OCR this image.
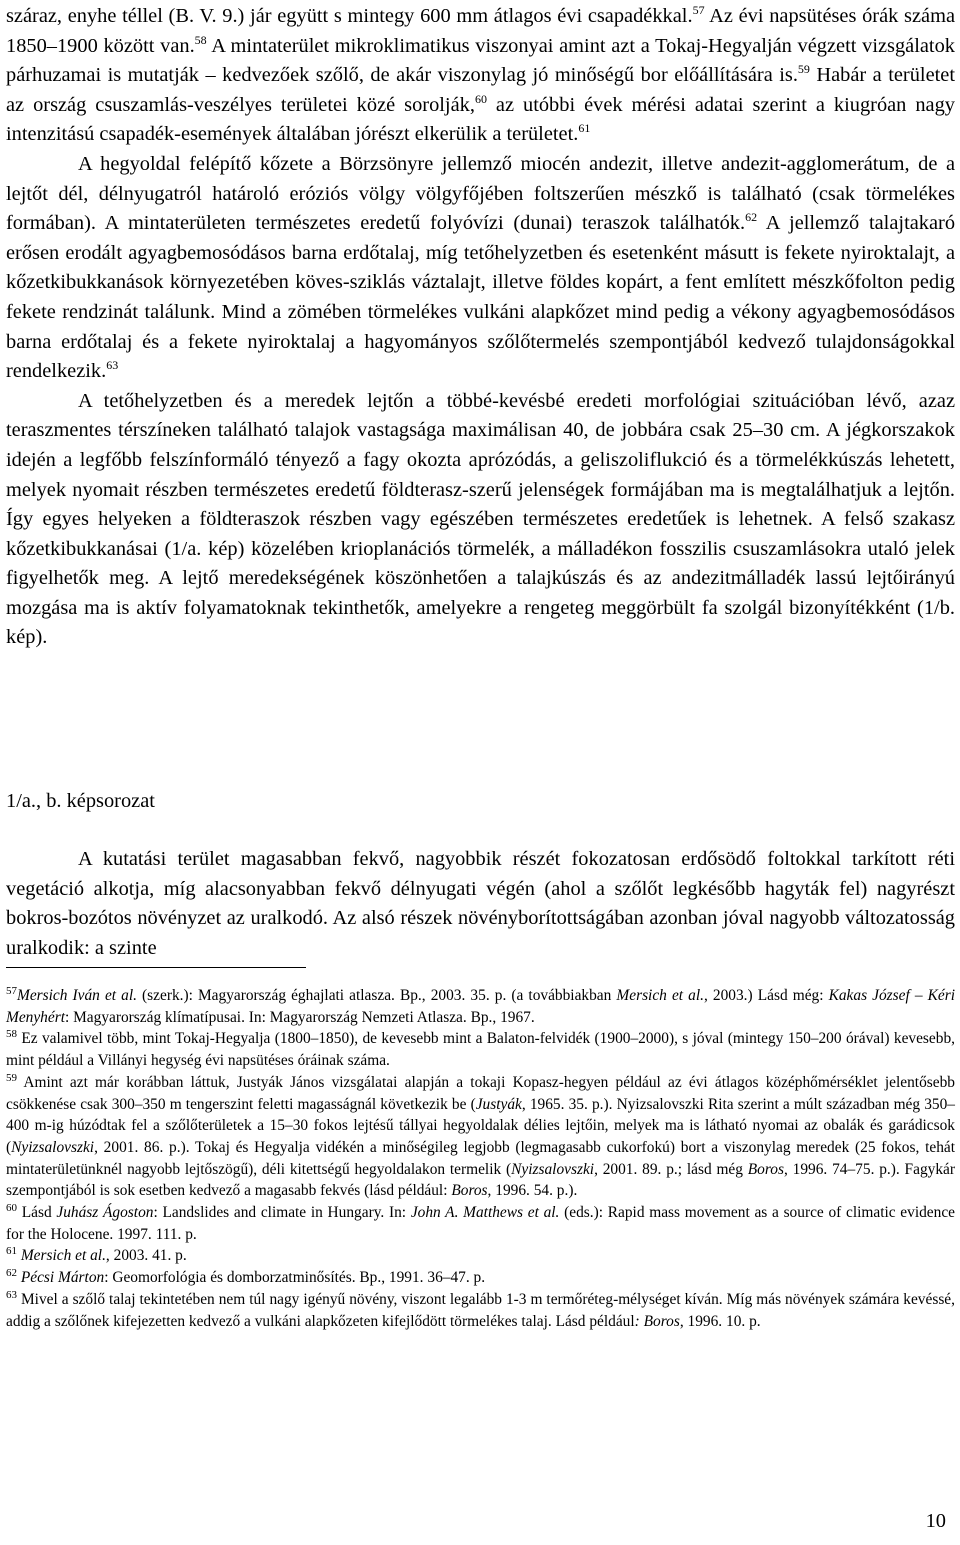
száraz, enyhe téllel (B. V. 9.) jár együtt s mintegy 600 mm átlagos évi csapadékkal.$^{57}$ Az évi napsütéses órák száma 1850–1900 között van.$^{58}$ A mintaterület mikroklimatikus viszonyai amint azt a Tokaj-Hegyalján végzett vizsgálatok párhuzamai is mutatják – kedvezőek szőlő, de akár viszonylag jó minőségű bor előállítására is.$^{59}$ Habár a területet az ország csuszamlás-veszélyes területei közé sorolják,$^{60}$ az utóbbi évek mérési adatai szerint a kiugróan nagy intenzitású csapadék-események általában jórészt elkerülik a területet.$^{61}$

A hegyoldal felépítő kőzete a Börzsönyre jellemző miocén andezit, illetve andezit-agglomerátum, de a lejtőt dél, délnyugatról határoló eróziós völgy völgyfőjében foltszerűen mészkő is található (csak törmelékes formában). A mintaterületen természetes eredetű folyóvízi (dunai) teraszok találhatók.$^{62}$ A jellemző talajtakaró erősen erodált agyagbemosódásos barna erdőtalaj, míg tetőhelyzetben és esetenként másutt is fekete nyiroktalajt, a kőzetkibukkanások környezetében köves-sziklás váztalajt, illetve földes kopárt, a fent említett mészkőfolton pedig fekete rendzinát találunk. Mind a zömében törmelékes vulkáni alapkőzet mind pedig a vékony agyagbemosódásos barna erdőtalaj és a fekete nyiroktalaj a hagyományos szőlőtermelés szempontjából kedvező tulajdonságokkal rendelkezik.$^{63}$

A tetőhelyzetben és a meredek lejtőn a többé-kevésbé eredeti morfológiai szituációban lévő, azaz teraszmentes térszíneken található talajok vastagsága maximálisan 40, de jobbára csak 25–30 cm. A jégkorszakok idején a legfőbb felszínformáló tényező a fagy okozta aprózódás, a geliszoliflukció és a törmelékkúszás lehetett, melyek nyomait részben természetes eredetű földterasz-szerű jelenségek formájában ma is megtalálhatjuk a lejtőn. Így egyes helyeken a földteraszok részben vagy egészében természetes eredetűek is lehetnek. A felső szakasz kőzetkibukkanásai (1/a. kép) közelében krioplanációs törmelék, a málladékon fosszilis csuszamlásokra utaló jelek figyelhetők meg. A lejtő meredekségének köszönhetően a talajkúszás és az andezitmálladék lassú lejtőirányú mozgása ma is aktív folyamatoknak tekinthetők, amelyekre a rengeteg meggörbült fa szolgál bizonyítékként (1/b. kép).

1/a., b. képsorozat

A kutatási terület magasabban fekvő, nagyobbik részét fokozatosan erdősödő foltokkal tarkított réti vegetáció alkotja, míg alacsonyabban fekvő délnyugati végén (ahol a szőlőt legkésőbb hagyták fel) nagyrészt bokros-bozótos növényzet az uralkodó. Az alsó részek növényborítottságában azonban jóval nagyobb változatosság uralkodik: a szinte

$^{57}$Mersich Iván et al. (szerk.): Magyarország éghajlati atlasza. Bp., 2003. 35. p. (a továbbiakban Mersich et al., 2003.) Lásd még: Kakas József – Kéri Menyhért: Magyarország klímatípusai. In: Magyarország Nemzeti Atlasza. Bp., 1967.

$^{58}$ Ez valamivel több, mint Tokaj-Hegyalja (1800–1850), de kevesebb mint a Balaton-felvidék (1900–2000), s jóval (mintegy 150–200 órával) kevesebb, mint például a Villányi hegység évi napsütéses óráinak száma.

$^{59}$ Amint azt már korábban láttuk, Justyák János vizsgálatai alapján a tokaji Kopasz-hegyen például az évi átlagos középhőmérséklet jelentősebb csökkenése csak 300–350 m tengerszint feletti magasságnál következik be (Justyák, 1965. 35. p.). Nyizsalovszki Rita szerint a múlt században még 350–400 m-ig húzódtak fel a szőlőterületek a 15–30 fokos lejtésű tállyai hegyoldalak délies lejtőin, melyek ma is látható nyomai az obalák és garádicsok (Nyizsalovszki, 2001. 86. p.). Tokaj és Hegyalja vidékén a minőségileg legjobb (legmagasabb cukorfokú) bort a viszonylag meredek (25 fokos, tehát mintaterületünknél nagyobb lejtőszögű), déli kitettségű hegyoldalakon termelik (Nyizsalovszki, 2001. 89. p.; lásd még Boros, 1996. 74–75. p.). Fagykár szempontjából is sok esetben kedvező a magasabb fekvés (lásd például: Boros, 1996. 54. p.).

$^{60}$ Lásd Juhász Ágoston: Landslides and climate in Hungary. In: John A. Matthews et al. (eds.): Rapid mass movement as a source of climatic evidence for the Holocene. 1997. 111. p.

$^{61}$ Mersich et al., 2003. 41. p.

$^{62}$ Pécsi Márton: Geomorfológia és domborzatminősítés. Bp., 1991. 36–47. p.

$^{63}$ Mivel a szőlő talaj tekintetében nem túl nagy igényű növény, viszont legalább 1-3 m termőréteg-mélységet kíván. Míg más növények számára kevéssé, addig a szőlőnek kifejezetten kedvező a vulkáni alapkőzeten kifejlődött törmelékes talaj. Lásd például: Boros, 1996. 10. p.

10
